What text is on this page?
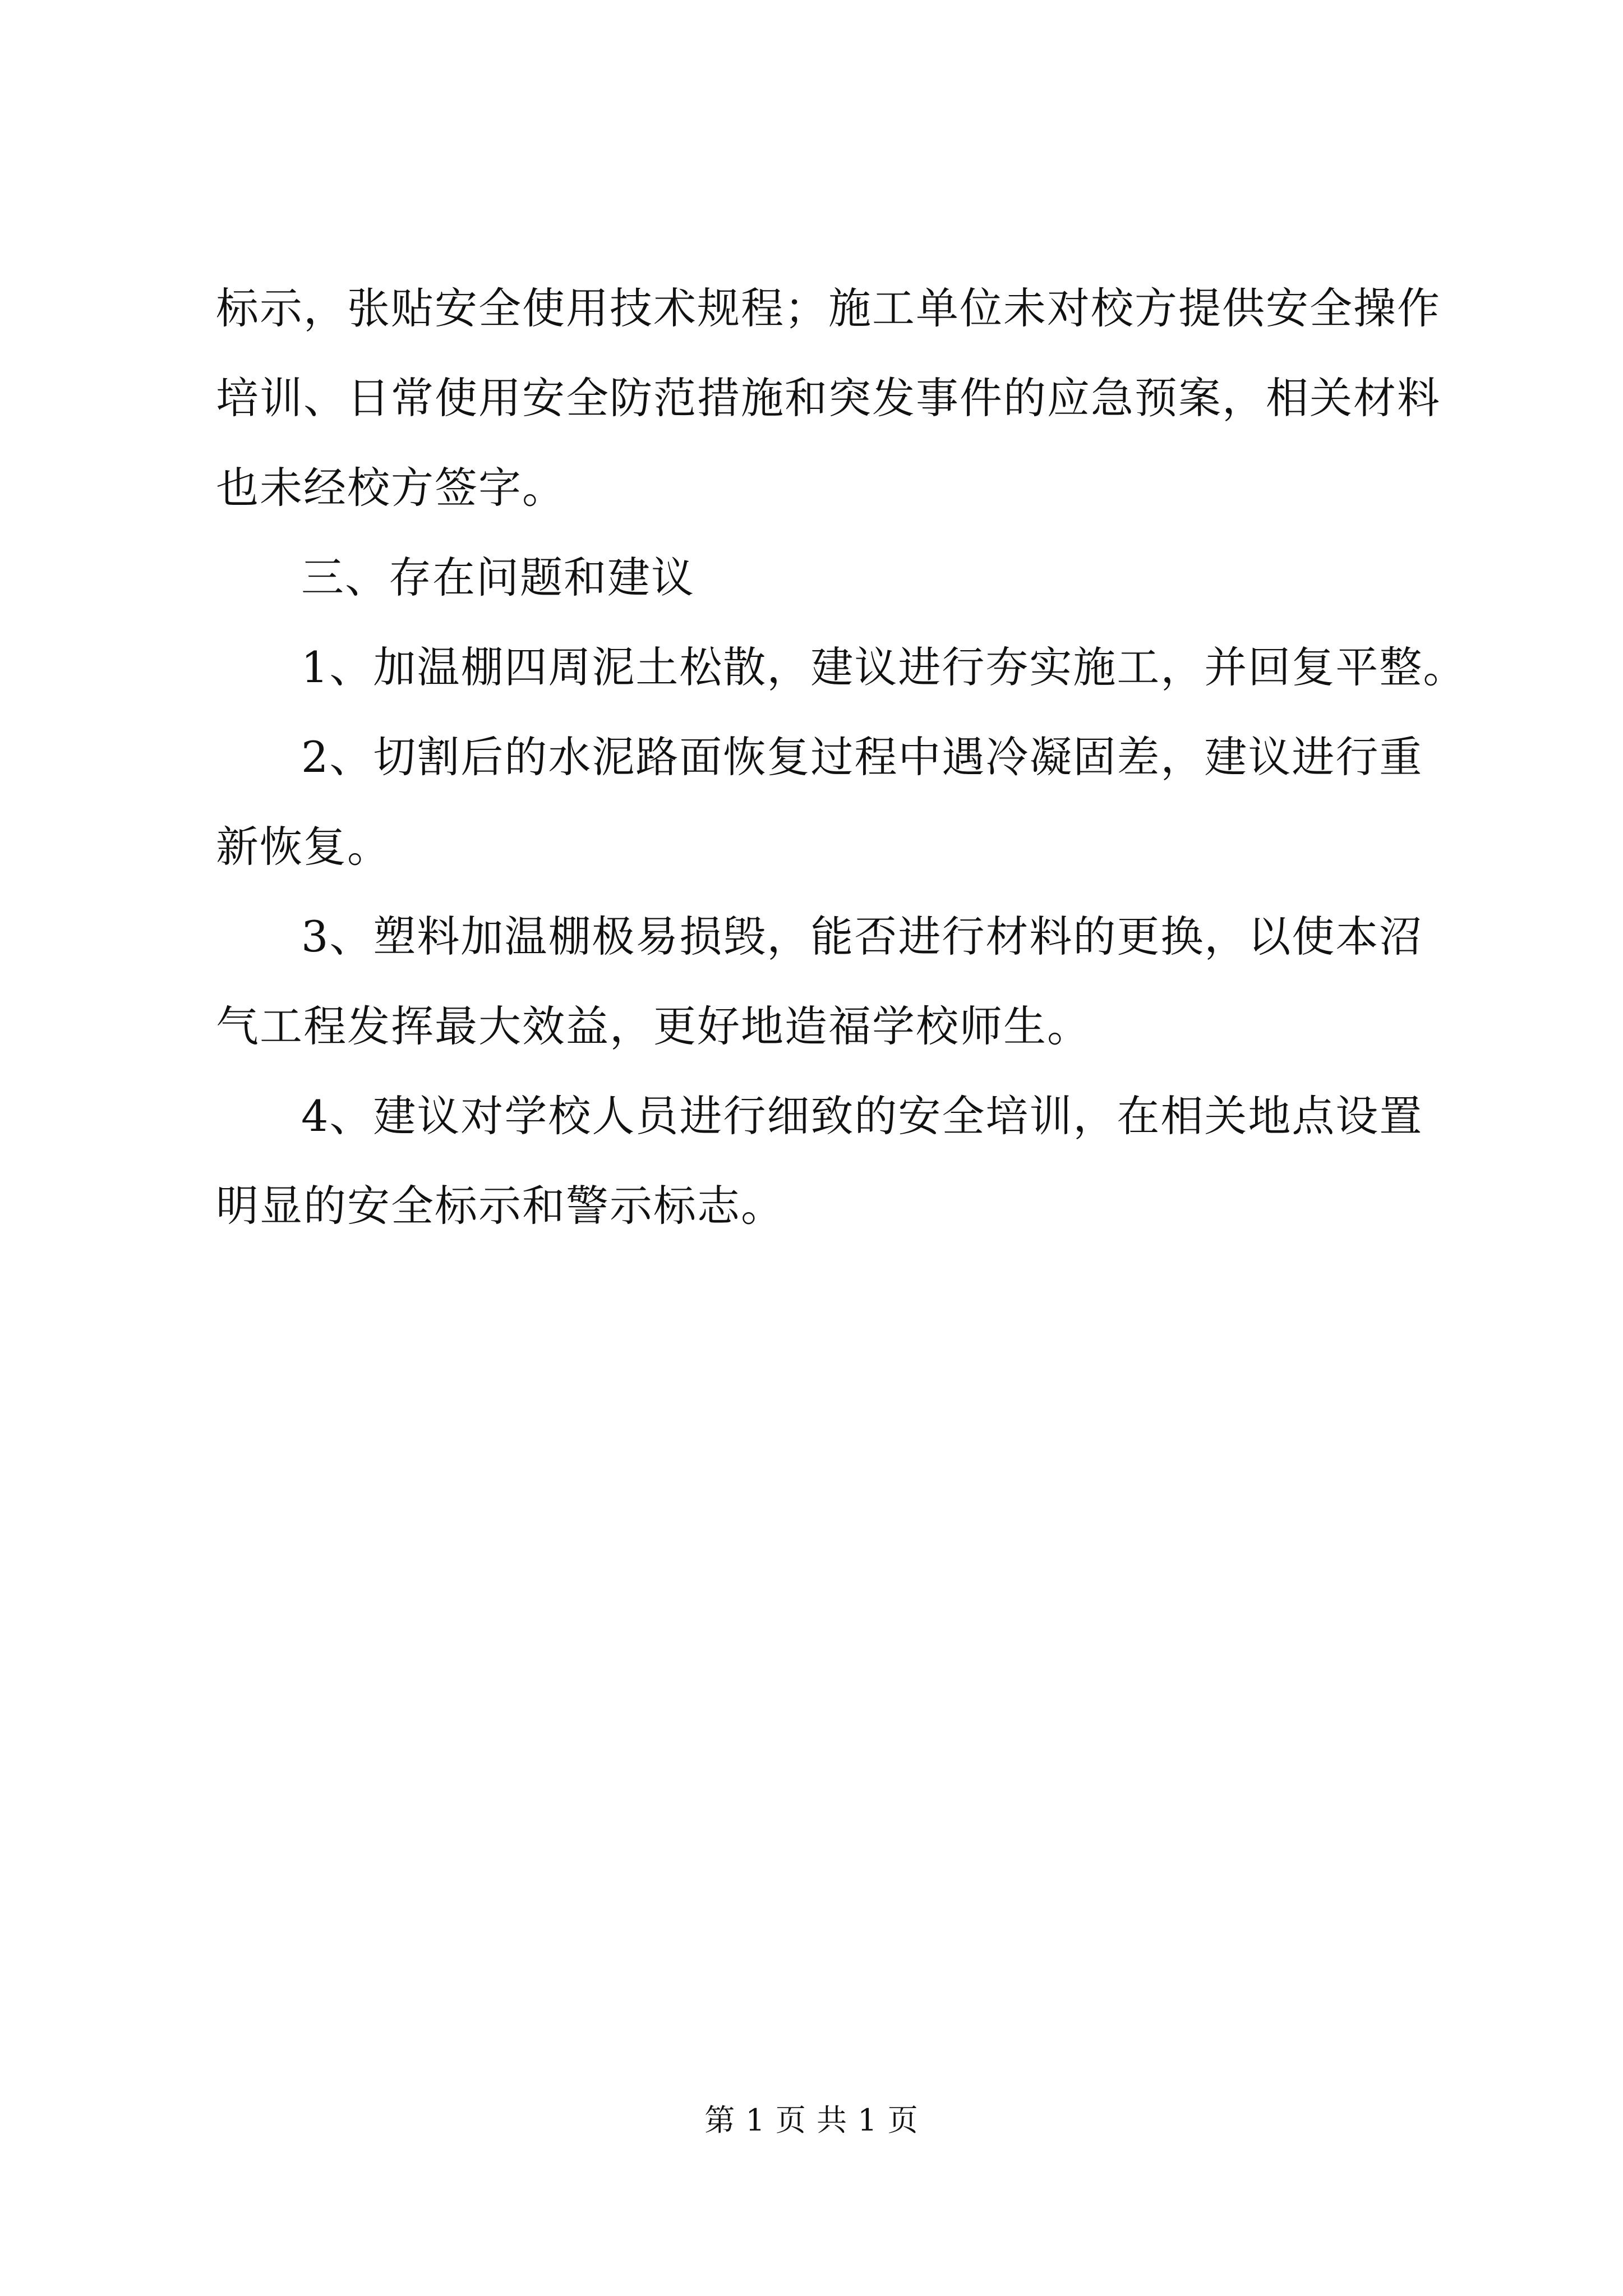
标示，张贴安全使用技术规程；施工单位未对校方提供安全操作
培训、日常使用安全防范措施和突发事件的应急预案，相关材料
也未经校方签字。
三、存在问题和建议
1、加温棚四周泥土松散，建议进行夯实施工，并回复平整。
2、切割后的水泥路面恢复过程中遇冷凝固差，建议进行重
新恢复。
3、塑料加温棚极易损毁，能否进行材料的更换，以使本沼
气工程发挥最大效益，更好地造福学校师生。
4、建议对学校人员进行细致的安全培训，在相关地点设置
明显的安全标示和警示标志。
第 1 页 共 1 页
